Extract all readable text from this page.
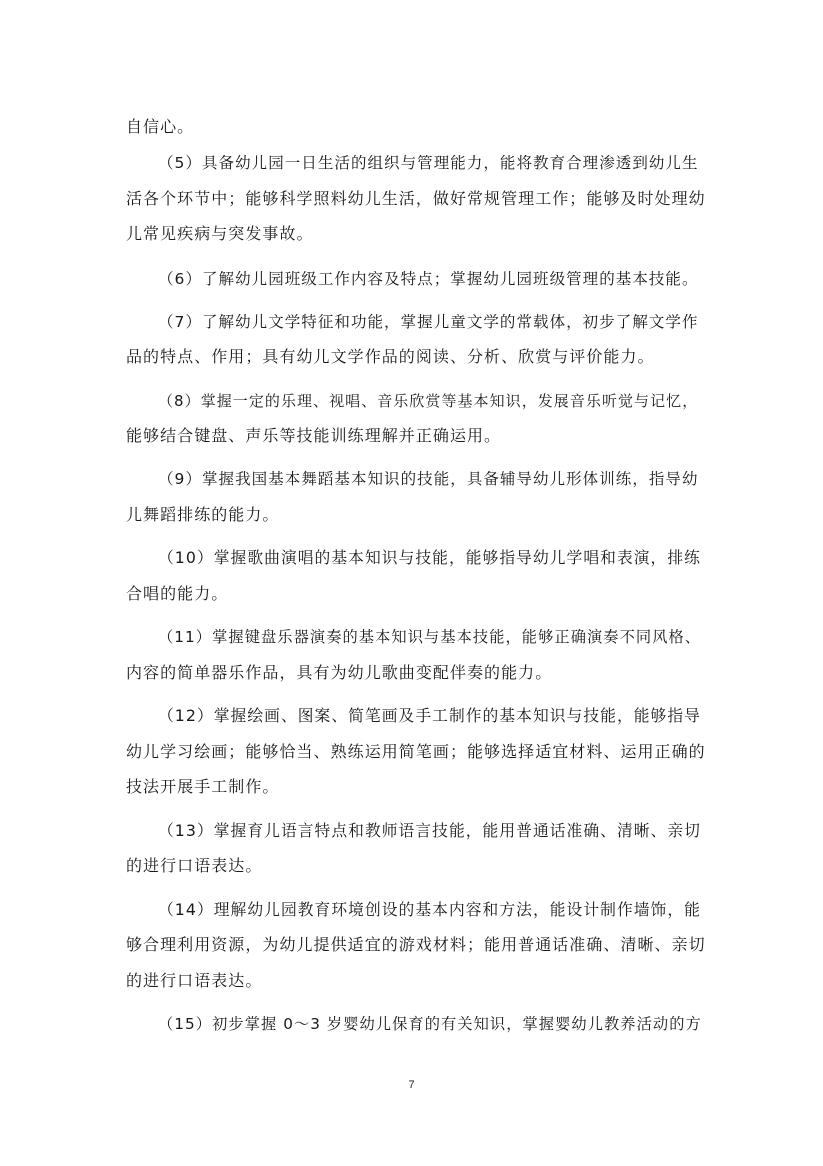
自信心。
（5）具备幼儿园一日生活的组织与管理能力，能将教育合理渗透到幼儿生
活各个环节中；能够科学照料幼儿生活，做好常规管理工作；能够及时处理幼
儿常见疾病与突发事故。
（6）了解幼儿园班级工作内容及特点；掌握幼儿园班级管理的基本技能。
（7）了解幼儿文学特征和功能，掌握儿童文学的常载体，初步了解文学作
品的特点、作用；具有幼儿文学作品的阅读、分析、欣赏与评价能力。
（8）掌握一定的乐理、视唱、音乐欣赏等基本知识，发展音乐听觉与记忆，
能够结合键盘、声乐等技能训练理解并正确运用。
（9）掌握我国基本舞蹈基本知识的技能，具备辅导幼儿形体训练，指导幼
儿舞蹈排练的能力。
（10）掌握歌曲演唱的基本知识与技能，能够指导幼儿学唱和表演，排练
合唱的能力。
（11）掌握键盘乐器演奏的基本知识与基本技能，能够正确演奏不同风格、
内容的简单器乐作品，具有为幼儿歌曲变配伴奏的能力。
（12）掌握绘画、图案、简笔画及手工制作的基本知识与技能，能够指导
幼儿学习绘画；能够恰当、熟练运用简笔画；能够选择适宜材料、运用正确的
技法开展手工制作。
（13）掌握育儿语言特点和教师语言技能，能用普通话准确、清晰、亲切
的进行口语表达。
（14）理解幼儿园教育环境创设的基本内容和方法，能设计制作墙饰，能
够合理利用资源，为幼儿提供适宜的游戏材料；能用普通话准确、清晰、亲切
的进行口语表达。
（15）初步掌握 0～3 岁婴幼儿保育的有关知识，掌握婴幼儿教养活动的方
7
